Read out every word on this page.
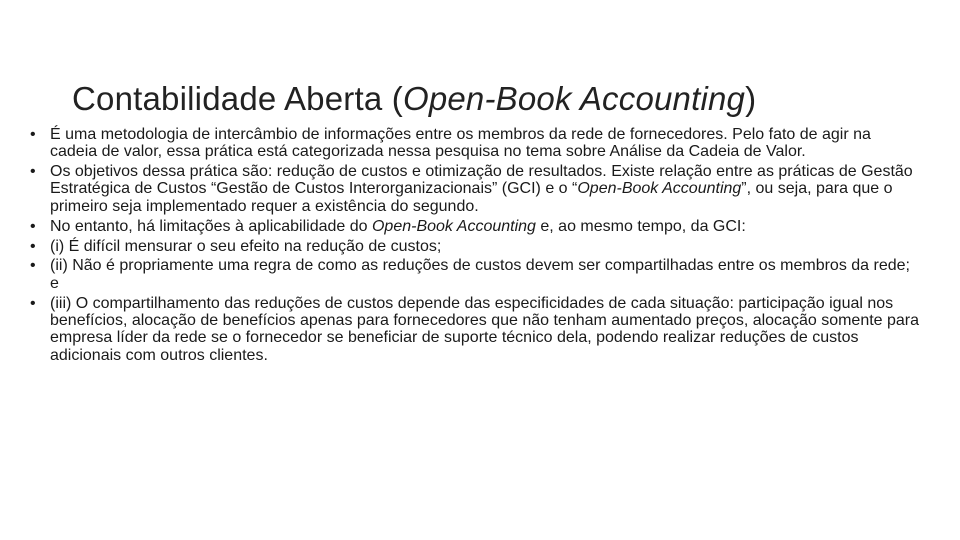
Contabilidade Aberta (Open-Book Accounting)
• É uma metodologia de intercâmbio de informações entre os membros da rede de fornecedores. Pelo fato de agir na cadeia de valor, essa prática está categorizada nessa pesquisa no tema sobre Análise da Cadeia de Valor.
• Os objetivos dessa prática são: redução de custos e otimização de resultados. Existe relação entre as práticas de Gestão Estratégica de Custos “Gestão de Custos Interorganizacionais” (GCI) e o “Open-Book Accounting”, ou seja, para que o primeiro seja implementado requer a existência do segundo.
• No entanto, há limitações à aplicabilidade do Open-Book Accounting e, ao mesmo tempo, da GCI:
• (i) É difícil mensurar o seu efeito na redução de custos;
• (ii) Não é propriamente uma regra de como as reduções de custos devem ser compartilhadas entre os membros da rede; e
• (iii) O compartilhamento das reduções de custos depende das especificidades de cada situação: participação igual nos benefícios, alocação de benefícios apenas para fornecedores que não tenham aumentado preços, alocação somente para empresa líder da rede se o fornecedor se beneficiar de suporte técnico dela, podendo realizar reduções de custos adicionais com outros clientes.
